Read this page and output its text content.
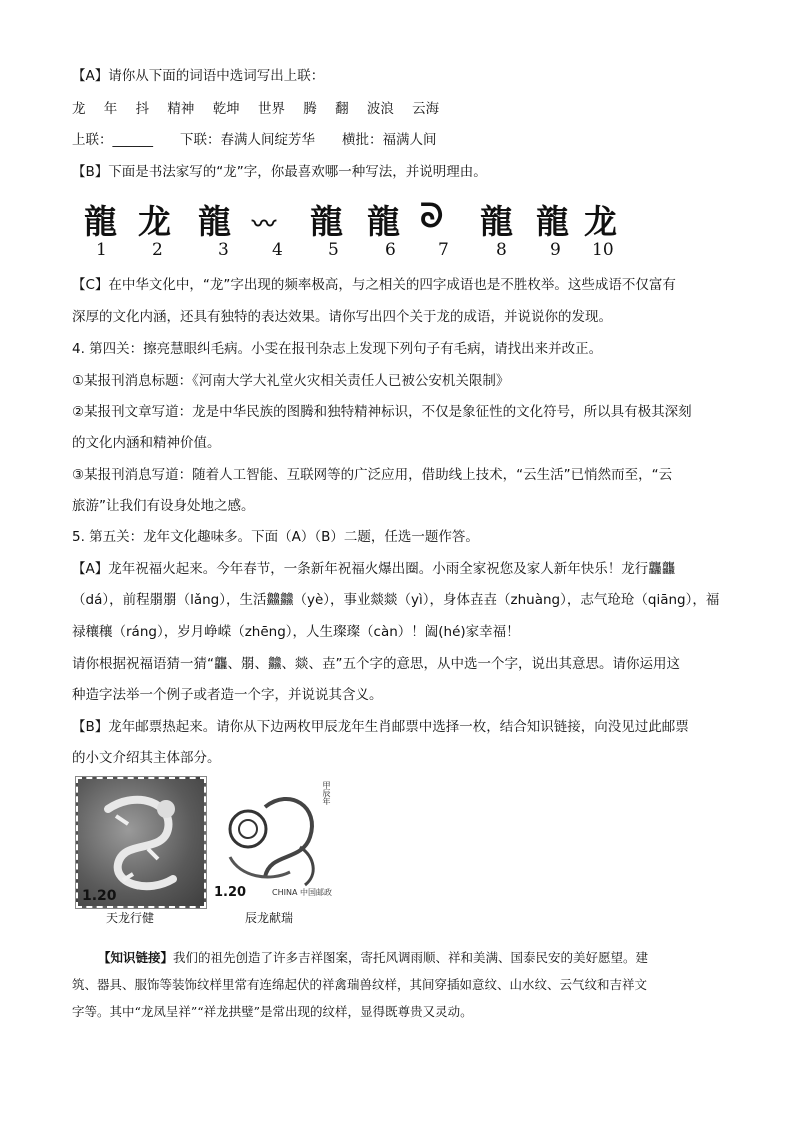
【A】请你从下面的词语中选词写出上联：
龙 年 抖 精神 乾坤 世界 腾 翻 波浪 云海
上联：______　　下联：春满人间绽芳华　　横批：福满人间
【B】下面是书法家写的“龙”字，你最喜欢哪一种写法，并说明理由。
龍 龙 龍 〰 龍 龍 ᘐ 龍 龍 龙
1	2	3	4	5	6 7	8	9 10
【C】在中华文化中，“龙”字出现的频率极高，与之相关的四字成语也是不胜枚举。这些成语不仅富有
深厚的文化内涵，还具有独特的表达效果。请你写出四个关于龙的成语，并说说你的发现。
4. 第四关：擦亮慧眼纠毛病。小雯在报刊杂志上发现下列句子有毛病，请找出来并改正。
①某报刊消息标题：《河南大学大礼堂火灾相关责任人已被公安机关限制》
②某报刊文章写道：龙是中华民族的图腾和独特精神标识，不仅是象征性的文化符号，所以具有极其深刻
的文化内涵和精神价值。
③某报刊消息写道：随着人工智能、互联网等的广泛应用，借助线上技术，“云生活”已悄然而至，“云
旅游”让我们有设身处地之感。
5. 第五关：龙年文化趣味多。下面（A）（B）二题，任选一题作答。
【A】龙年祝福火起来。今年春节，一条新年祝福火爆出圈。小雨全家祝您及家人新年快乐！龙行龘龘
（dá），前程朤朤（lǎng），生活䲜䲜（yè），事业燚燚（yì），身体壵壵（zhuàng），志气玱玱（qiāng），福
禄穰穰（ráng），岁月峥嵘（zhēng），人生璨璨（càn）！阖(hé)家幸福！
请你根据祝福语猜一猜“龘、朤、䲜、燚、壵”五个字的意思，从中选一个字，说出其意思。请你运用这
种造字法举一个例子或者造一个字，并说说其含义。
【B】龙年邮票热起来。请你从下边两枚甲辰龙年生肖邮票中选择一枚，结合知识链接，向没见过此邮票
的小文介绍其主体部分。
1.20
甲辰年
1.20	CHINA 中国邮政
天龙行健	辰龙献瑞
【知识链接】我们的祖先创造了许多吉祥图案，寄托风调雨顺、祥和美满、国泰民安的美好愿望。建
筑、器具、服饰等装饰纹样里常有连绵起伏的祥禽瑞兽纹样，其间穿插如意纹、山水纹、云气纹和吉祥文
字等。其中“龙凤呈祥”“祥龙拱璧”是常出现的纹样，显得既尊贵又灵动。
